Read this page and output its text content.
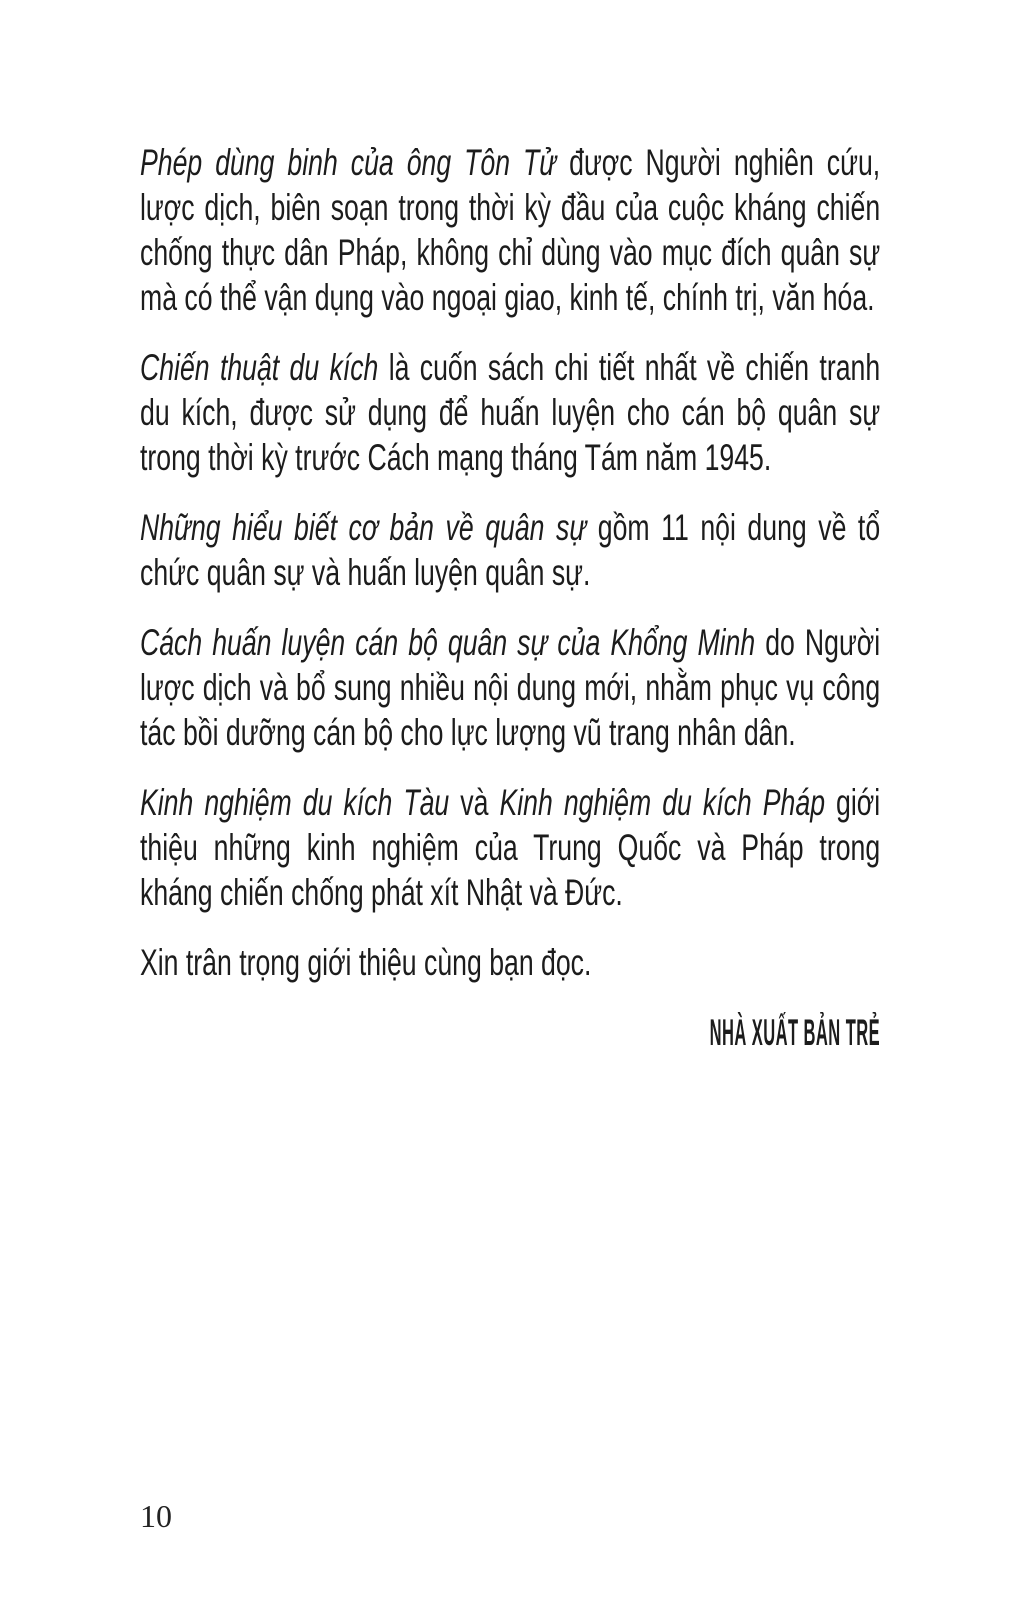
Phép dùng binh của ông Tôn Tử được Người nghiên cứu, lược dịch, biên soạn trong thời kỳ đầu của cuộc kháng chiến chống thực dân Pháp, không chỉ dùng vào mục đích quân sự mà có thể vận dụng vào ngoại giao, kinh tế, chính trị, văn hóa.

Chiến thuật du kích là cuốn sách chi tiết nhất về chiến tranh du kích, được sử dụng để huấn luyện cho cán bộ quân sự trong thời kỳ trước Cách mạng tháng Tám năm 1945.

Những hiểu biết cơ bản về quân sự gồm 11 nội dung về tổ chức quân sự và huấn luyện quân sự.

Cách huấn luyện cán bộ quân sự của Khổng Minh do Người lược dịch và bổ sung nhiều nội dung mới, nhằm phục vụ công tác bồi dưỡng cán bộ cho lực lượng vũ trang nhân dân.

Kinh nghiệm du kích Tàu và Kinh nghiệm du kích Pháp giới thiệu những kinh nghiệm của Trung Quốc và Pháp trong kháng chiến chống phát xít Nhật và Đức.

Xin trân trọng giới thiệu cùng bạn đọc.

NHÀ XUẤT BẢN TRẺ

10
